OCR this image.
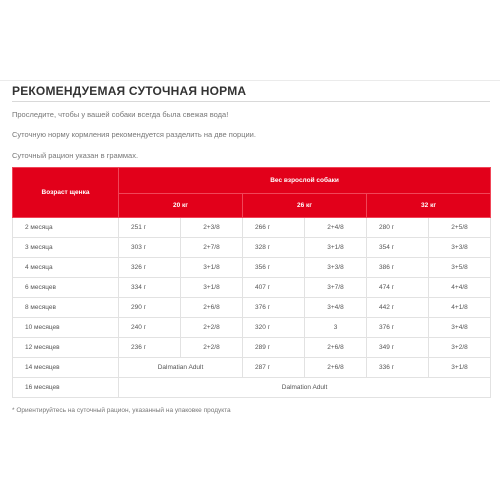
РЕКОМЕНДУЕМАЯ СУТОЧНАЯ НОРМА

Проследите, чтобы у вашей собаки всегда была свежая вода!

Суточную норму кормления рекомендуется разделить на две порции.

Суточный рацион указан в граммах.

Возраст щенка	Вес взрослой собаки					
	20 кг		26 кг		32 кг	
2 месяца	251 г	2+3/8	266 г	2+4/8	280 г	2+5/8
3 месяца	303 г	2+7/8	328 г	3+1/8	354 г	3+3/8
4 месяца	326 г	3+1/8	356 г	3+3/8	386 г	3+5/8
6 месяцев	334 г	3+1/8	407 г	3+7/8	474 г	4+4/8
8 месяцев	290 г	2+6/8	376 г	3+4/8	442 г	4+1/8
10 месяцев	240 г	2+2/8	320 г	3	376 г	3+4/8
12 месяцев	236 г	2+2/8	289 г	2+6/8	349 г	3+2/8
14 месяцев	Dalmatian Adult		287 г	2+6/8	336 г	3+1/8
16 месяцев	Dalmation Adult					

* Ориентируйтесь на суточный рацион, указанный на упаковке продукта
